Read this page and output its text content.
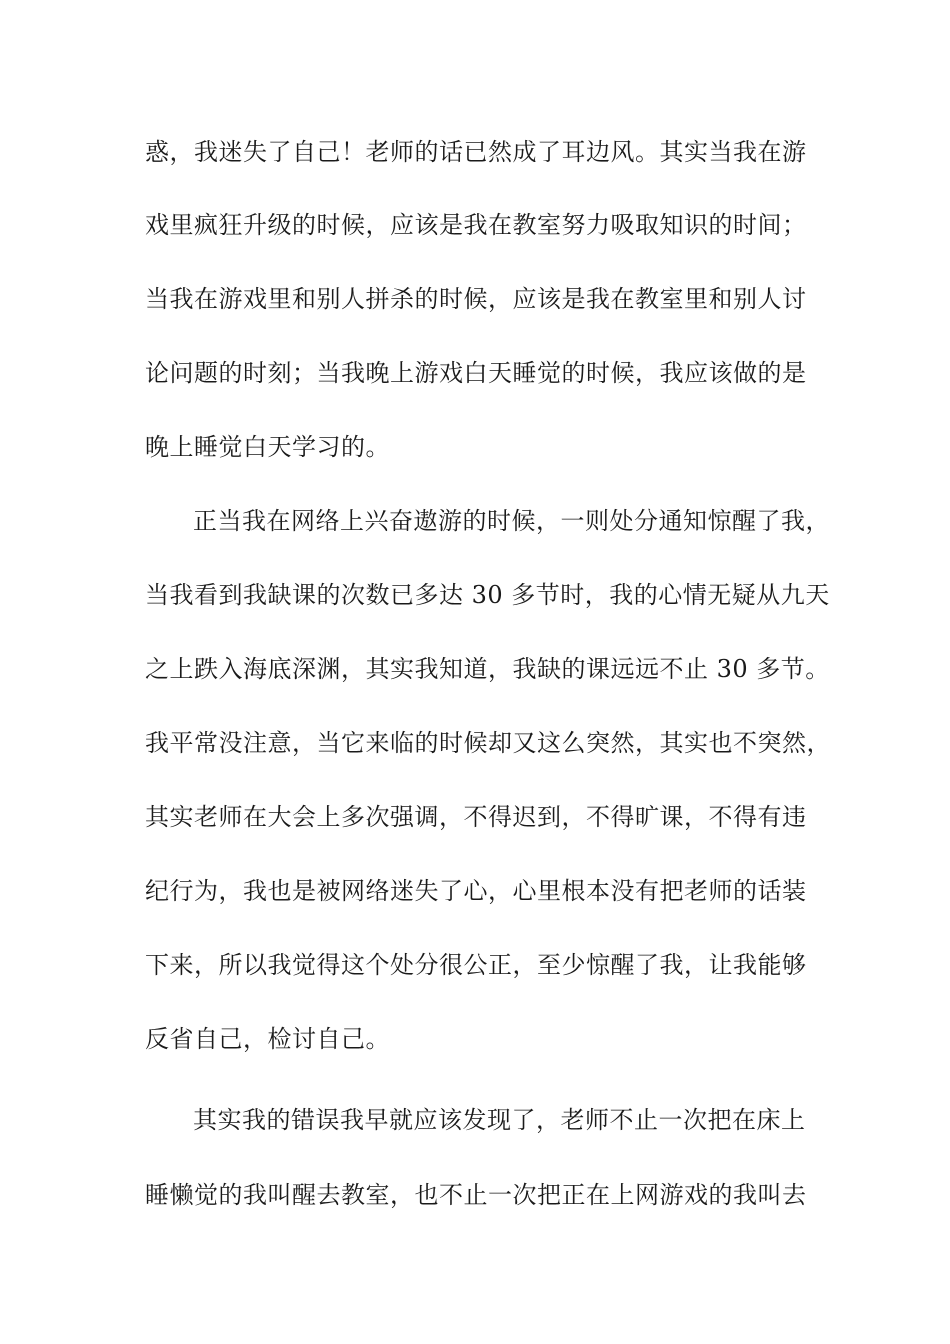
惑，我迷失了自己！老师的话已然成了耳边风。其实当我在游
戏里疯狂升级的时候，应该是我在教室努力吸取知识的时间；
当我在游戏里和别人拼杀的时候，应该是我在教室里和别人讨
论问题的时刻；当我晚上游戏白天睡觉的时候，我应该做的是
晚上睡觉白天学习的。
正当我在网络上兴奋遨游的时候，一则处分通知惊醒了我，
当我看到我缺课的次数已多达 30 多节时，我的心情无疑从九天
之上跌入海底深渊，其实我知道，我缺的课远远不止 30 多节。
我平常没注意，当它来临的时候却又这么突然，其实也不突然，
其实老师在大会上多次强调，不得迟到，不得旷课，不得有违
纪行为，我也是被网络迷失了心，心里根本没有把老师的话装
下来，所以我觉得这个处分很公正，至少惊醒了我，让我能够
反省自己，检讨自己。
其实我的错误我早就应该发现了，老师不止一次把在床上
睡懒觉的我叫醒去教室，也不止一次把正在上网游戏的我叫去
